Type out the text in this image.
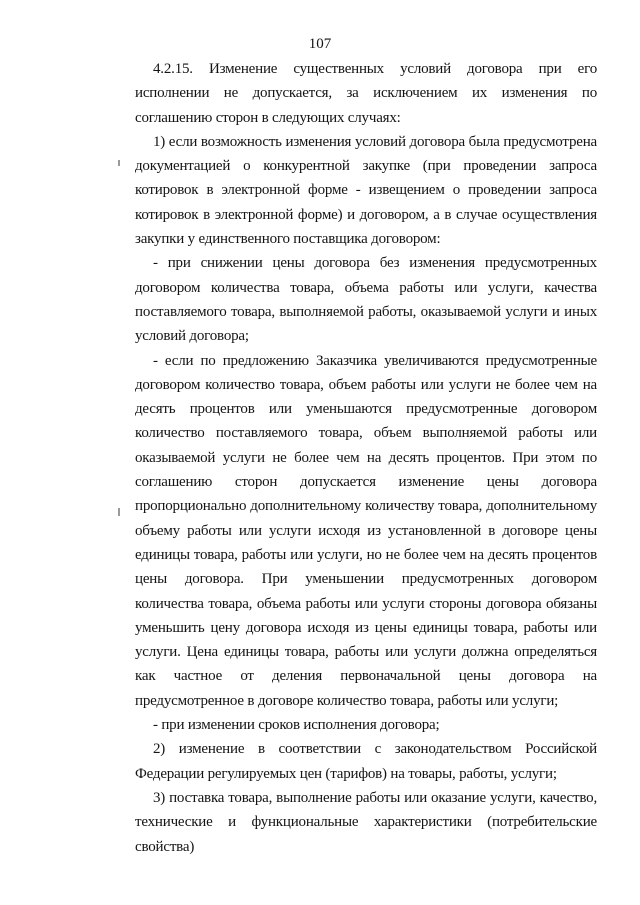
107

4.2.15. Изменение существенных условий договора при его исполнении не допускается, за исключением их изменения по соглашению сторон в следующих случаях:

1) если возможность изменения условий договора была предусмотрена документацией о конкурентной закупке (при проведении запроса котировок в электронной форме - извещением о проведении запроса котировок в электронной форме) и договором, а в случае осуществления закупки у единственного поставщика договором:

- при снижении цены договора без изменения предусмотренных договором количества товара, объема работы или услуги, качества поставляемого товара, выполняемой работы, оказываемой услуги и иных условий договора;

- если по предложению Заказчика увеличиваются предусмотренные договором количество товара, объем работы или услуги не более чем на десять процентов или уменьшаются предусмотренные договором количество поставляемого товара, объем выполняемой работы или оказываемой услуги не более чем на десять процентов. При этом по соглашению сторон допускается изменение цены договора пропорционально дополнительному количеству товара, дополнительному объему работы или услуги исходя из установленной в договоре цены единицы товара, работы или услуги, но не более чем на десять процентов цены договора. При уменьшении предусмотренных договором количества товара, объема работы или услуги стороны договора обязаны уменьшить цену договора исходя из цены единицы товара, работы или услуги. Цена единицы товара, работы или услуги должна определяться как частное от деления первоначальной цены договора на предусмотренное в договоре количество товара, работы или услуги;

- при изменении сроков исполнения договора;

2) изменение в соответствии с законодательством Российской Федерации регулируемых цен (тарифов) на товары, работы, услуги;

3) поставка товара, выполнение работы или оказание услуги, качество, технические и функциональные характеристики (потребительские свойства)
